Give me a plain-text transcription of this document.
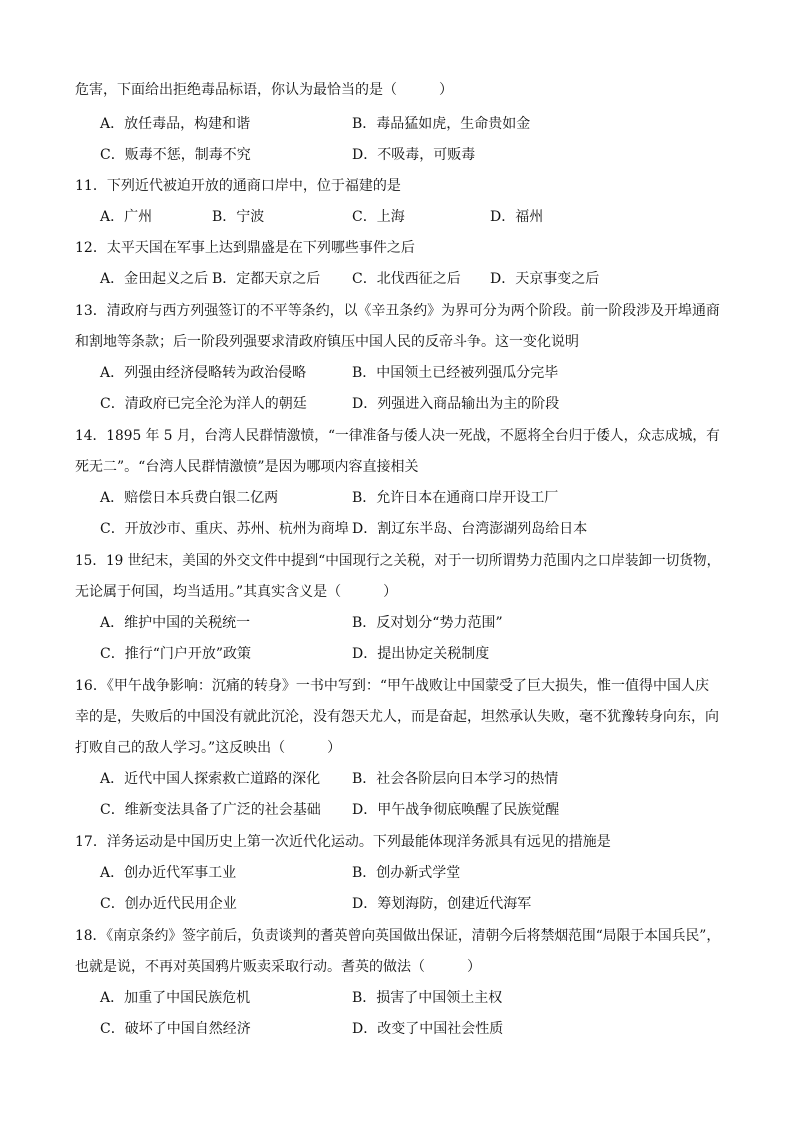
危害，下面给出拒绝毒品标语，你认为最恰当的是（　　　）
A．放任毒品，构建和谐	B．毒品猛如虎，生命贵如金
C．贩毒不惩，制毒不究	D．不吸毒，可贩毒
11．下列近代被迫开放的通商口岸中，位于福建的是
A．广州	B．宁波	C．上海	D．福州
12．太平天国在军事上达到鼎盛是在下列哪些事件之后
A．金田起义之后 B．定都天京之后 C．北伐西征之后 D．天京事变之后
13．清政府与西方列强签订的不平等条约，以《辛丑条约》为界可分为两个阶段。前一阶段涉及开埠通商
和割地等条款；后一阶段列强要求清政府镇压中国人民的反帝斗争。这一变化说明
A．列强由经济侵略转为政治侵略	B．中国领土已经被列强瓜分完毕
C．清政府已完全沦为洋人的朝廷	D．列强进入商品输出为主的阶段
14．1895 年 5 月，台湾人民群情激愤，“一律准备与倭人决一死战，不愿将全台归于倭人，众志成城，有
死无二”。“台湾人民群情激愤”是因为哪项内容直接相关
A．赔偿日本兵费白银二亿两	B．允许日本在通商口岸开设工厂
C．开放沙市、重庆、苏州、杭州为商埠 D．割辽东半岛、台湾澎湖列岛给日本
15．19 世纪末，美国的外交文件中提到“中国现行之关税，对于一切所谓势力范围内之口岸装卸一切货物，
无论属于何国，均当适用。”其真实含义是（　　　）
A．维护中国的关税统一	B．反对划分“势力范围”
C．推行“门户开放”政策	D．提出协定关税制度
16．《甲午战争影响：沉痛的转身》一书中写到：“甲午战败让中国蒙受了巨大损失，惟一值得中国人庆
幸的是，失败后的中国没有就此沉沦，没有怨天尤人，而是奋起，坦然承认失败，毫不犹豫转身向东，向
打败自己的敌人学习。”这反映出（　　　）
A．近代中国人探索救亡道路的深化 B．社会各阶层向日本学习的热情
C．维新变法具备了广泛的社会基础 D．甲午战争彻底唤醒了民族觉醒
17．洋务运动是中国历史上第一次近代化运动。下列最能体现洋务派具有远见的措施是
A．创办近代军事工业	B．创办新式学堂
C．创办近代民用企业	D．筹划海防，创建近代海军
18．《南京条约》签字前后，负责谈判的耆英曾向英国做出保证，清朝今后将禁烟范围“局限于本国兵民”，
也就是说，不再对英国鸦片贩卖采取行动。耆英的做法（　　　）
A．加重了中国民族危机	B．损害了中国领土主权
C．破坏了中国自然经济	D．改变了中国社会性质
